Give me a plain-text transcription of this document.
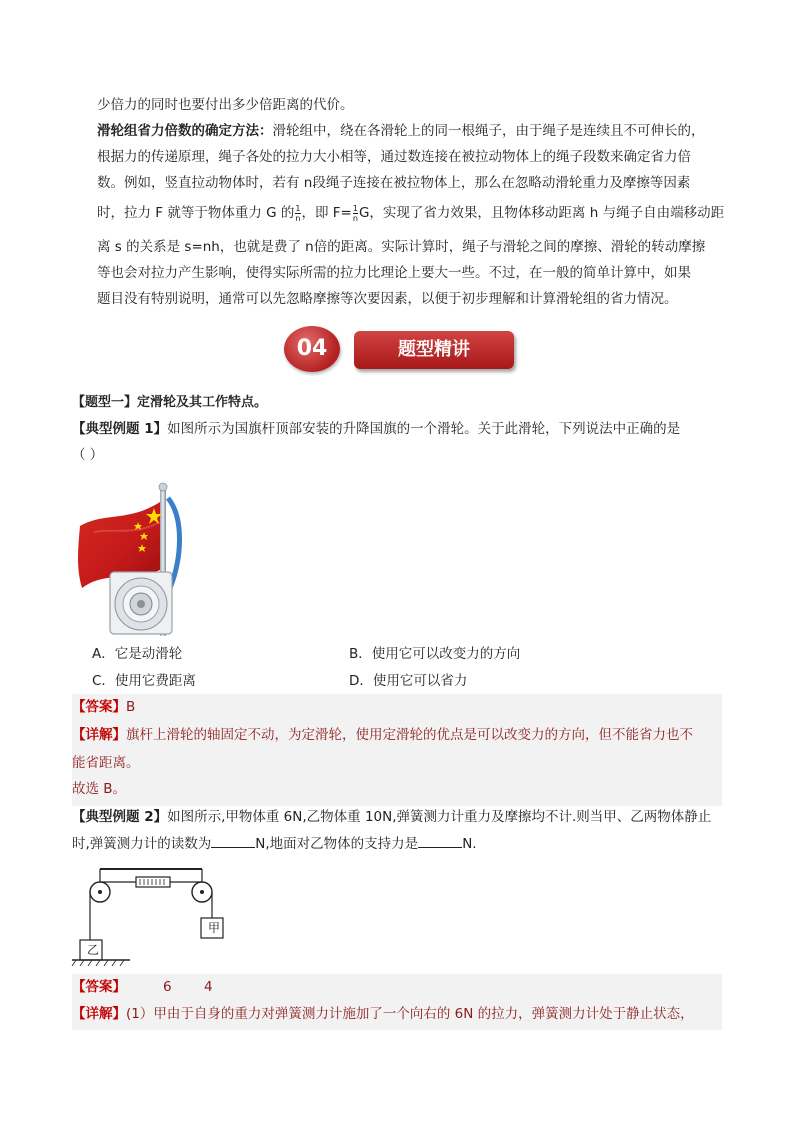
少倍力的同时也要付出多少倍距离的代价。
滑轮组省力倍数的确定方法：滑轮组中，绕在各滑轮上的同一根绳子，由于绳子是连续且不可伸长的，
根据力的传递原理，绳子各处的拉力大小相等，通过数连接在被拉动物体上的绳子段数来确定省力倍
数。例如，竖直拉动物体时，若有 n段绳子连接在被拉物体上，那么在忽略动滑轮重力及摩擦等因素
时，拉力 F 就等于物体重力 G 的 $\frac{1}{n}$ ，即 $F= \frac{1}{n}$ G，实现了省力效果，且物体移动距离 h 与绳子自由端移动距
离 s 的关系是 s=nh，也就是费了 n倍的距离。实际计算时，绳子与滑轮之间的摩擦、滑轮的转动摩擦
等也会对拉力产生影响，使得实际所需的拉力比理论上要大一些。不过，在一般的简单计算中，如果
题目没有特别说明，通常可以先忽略摩擦等次要因素，以便于初步理解和计算滑轮组的省力情况。
04	题型精讲
【题型一】定滑轮及其工作特点。
【典型例题 1】如图所示为国旗杆顶部安装的升降国旗的一个滑轮。关于此滑轮，下列说法中正确的是
（ ）
A．它是动滑轮	B．使用它可以改变力的方向
C．使用它费距离	D．使用它可以省力
【答案】B
【详解】旗杆上滑轮的轴固定不动，为定滑轮，使用定滑轮的优点是可以改变力的方向，但不能省力也不
能省距离。
故选 B。
【典型例题 2】如图所示,甲物体重 6N,乙物体重 10N,弹簧测力计重力及摩擦均不计.则当甲、乙两物体静止
时,弹簧测力计的读数为	N,地面对乙物体的支持力是	N.
乙
甲
【答案】	6 4
【详解】(1）甲由于自身的重力对弹簧测力计施加了一个向右的 6N 的拉力，弹簧测力计处于静止状态，
